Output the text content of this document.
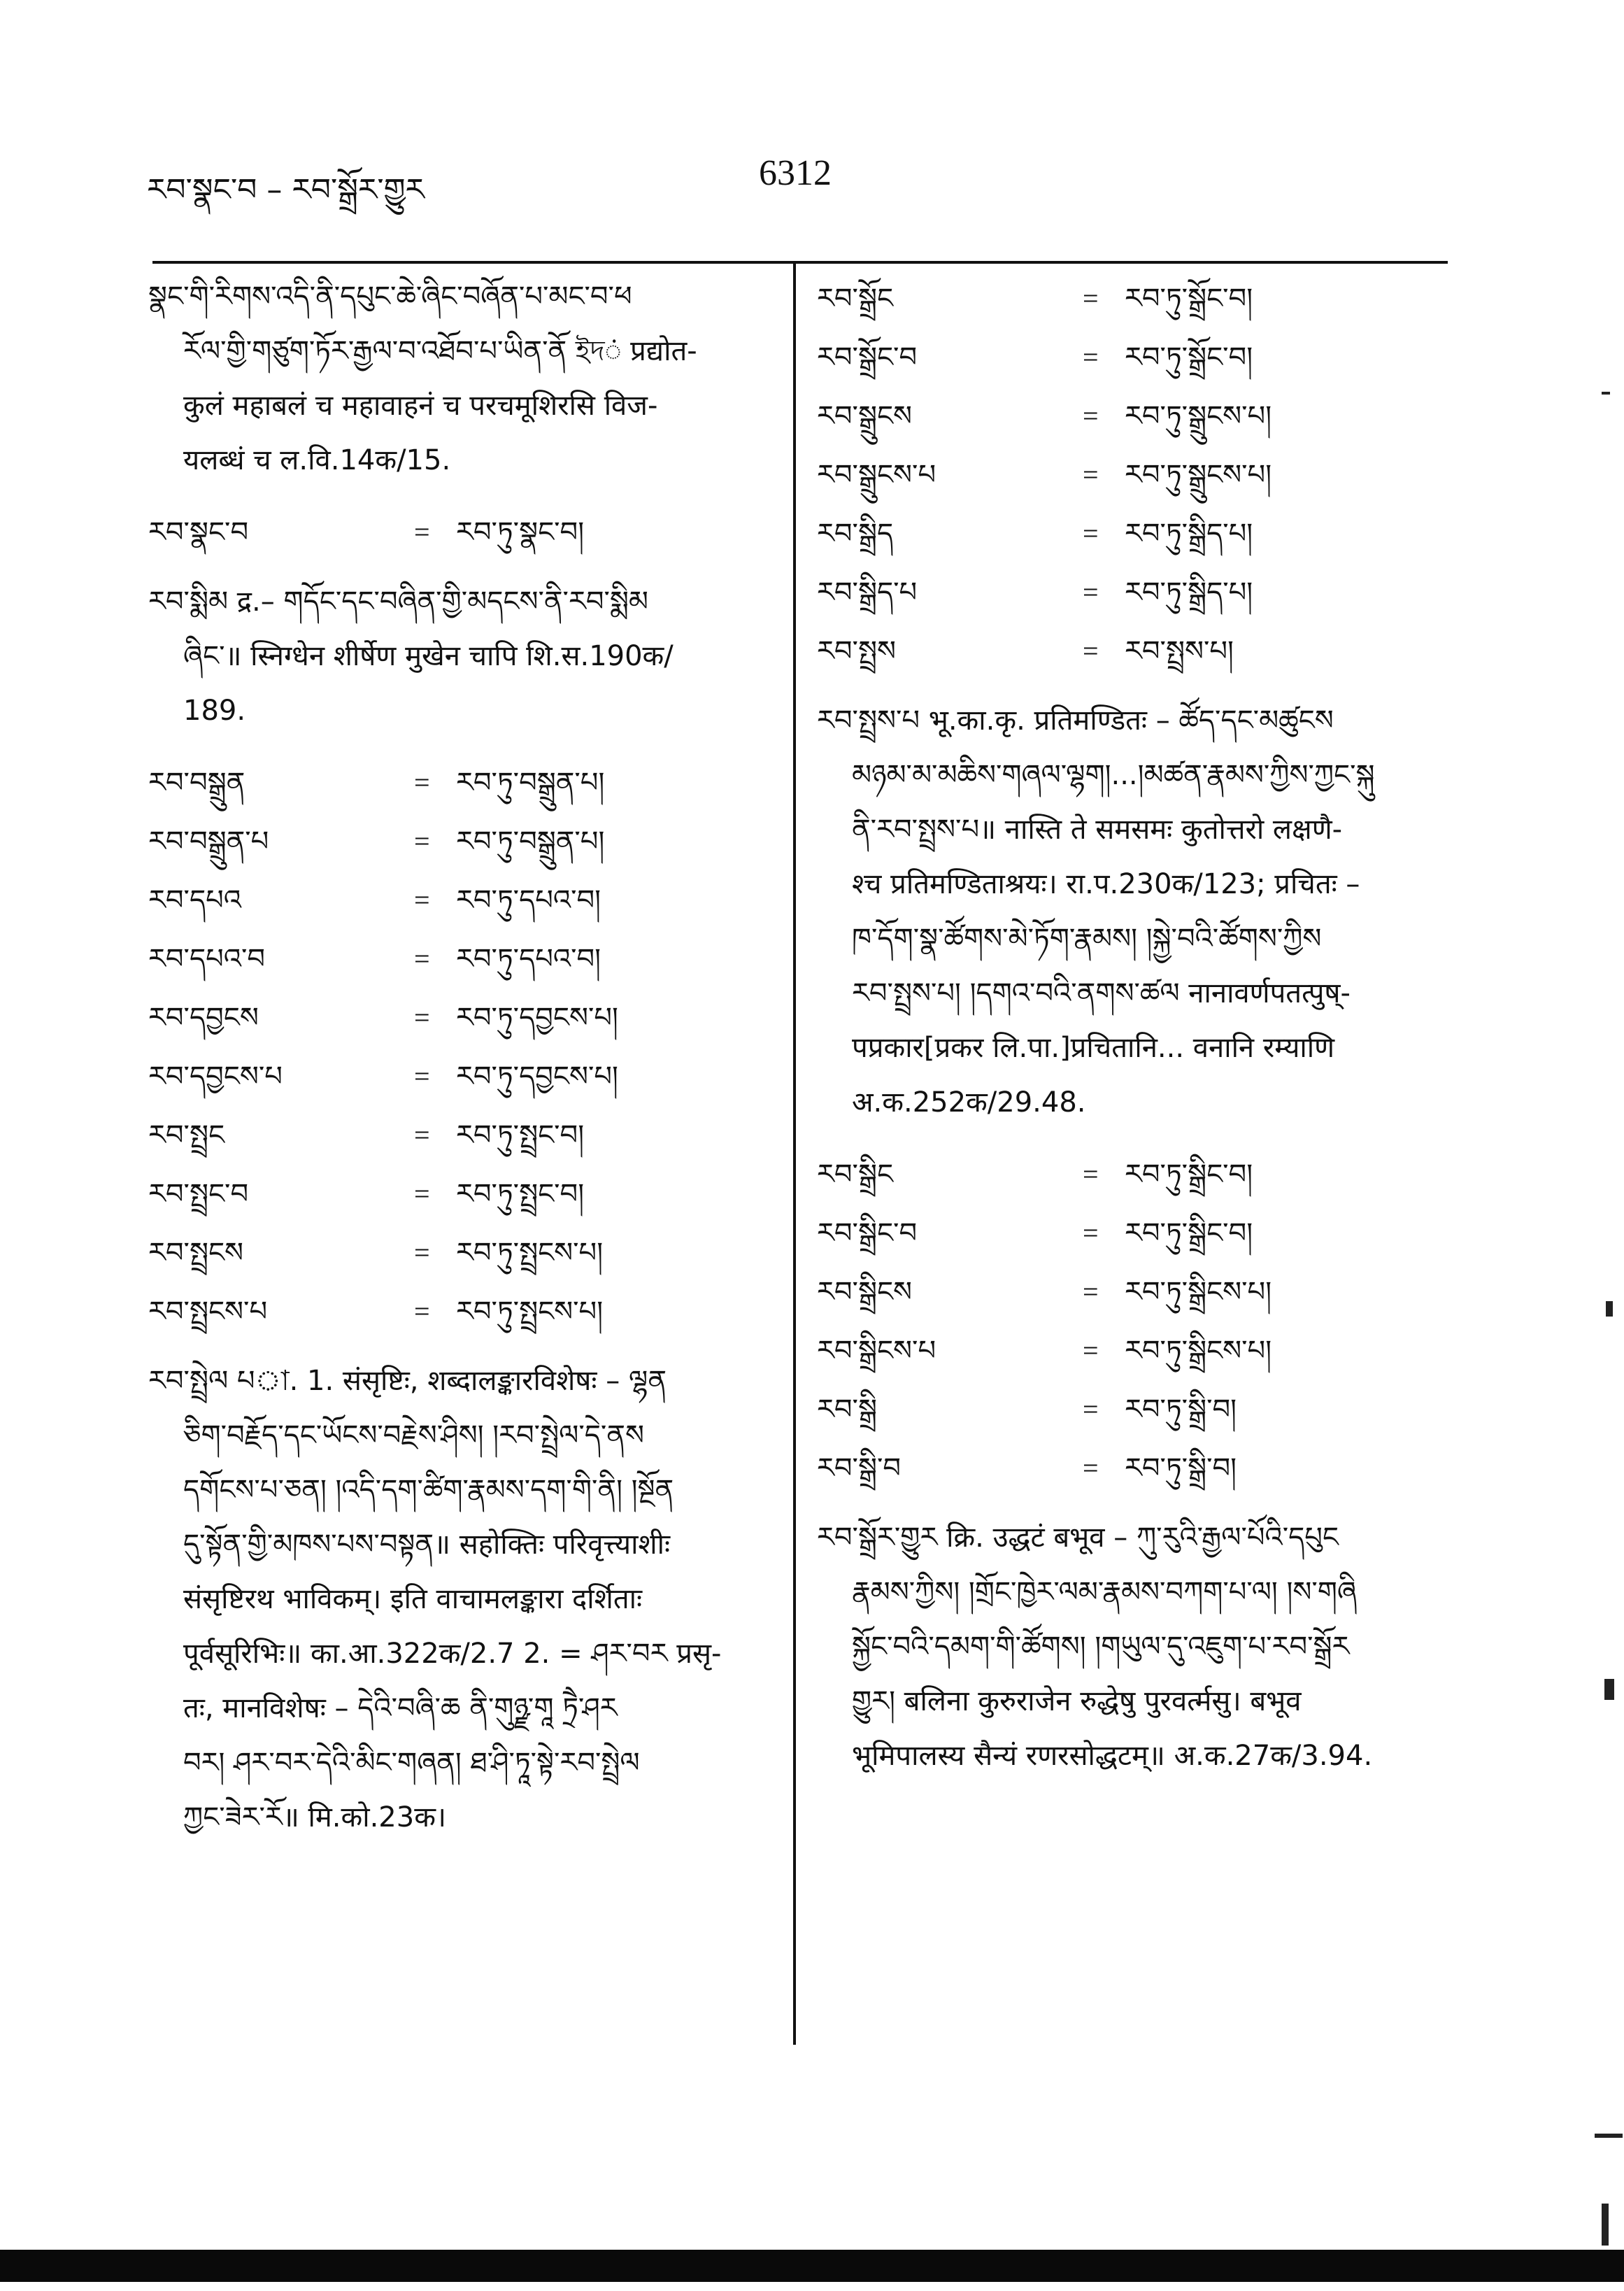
རབ་སྣང་བ – རབ་སྒྲོར་གྱུར	6312
སྣང་གི་རིགས་འདི་ནི་དཔུང་ཆེ་ཞིང་བཞོན་པ་མང་བ་ཕ
རོལ་གྱི་གཙུག་ཏོར་རྒྱལ་བ་འཐོབ་པ་ཡིན་ནོ ইদं प्रद्योत-
कुलं महाबलं च महावाहनं च परचमूशिरसि विज-
यलब्धं च ल.वि.14क/15.
རབ་སྣང་བ	= རབ་ཏུ་སྣང་བ།
རབ་སྨིམ द्र.– གདོང་དང་བཞིན་གྱི་མདངས་ནི་རབ་སྨིམ
ཞིང་॥ स्निग्धेन शीर्षेण मुखेन चापि शि.स.190क/
189.
རབ་བསྒྲུན	= རབ་ཏུ་བསྒྲུན་པ།
རབ་བསྒྲུན་པ	= རབ་ཏུ་བསྒྲུན་པ།
རབ་དཔའ	= རབ་ཏུ་དཔའ་བ།
རབ་དཔའ་བ	= རབ་ཏུ་དཔའ་བ།
རབ་དབྱངས	= རབ་ཏུ་དབྱངས་པ།
རབ་དབྱངས་པ	= རབ་ཏུ་དབྱངས་པ།
རབ་སྤྲང	= རབ་ཏུ་སྤྲང་བ།
རབ་སྤྲང་བ	= རབ་ཏུ་སྤྲང་བ།
རབ་སྤྲངས	= རབ་ཏུ་སྤྲངས་པ།
རབ་སྤྲངས་པ	= རབ་ཏུ་སྤྲངས་པ།
རབ་སྤྲེལ པা. 1. संसृष्टिः, शब्दालङ्कारविशेषः – ལྷན
ཅིག་བརྗོད་དང་ཡོངས་བརྗེས་ཤིས། །རབ་སྤྲེལ་དེ་ནས
དགོངས་པ་ཅན། །འདི་དག་ཚིག་རྣམས་དག་གི་ནི། །སྔོན
དུ་སྟོན་གྱི་མཁས་པས་བསྟན॥ सहोक्तिः परिवृत्त्याशीः
संसृष्टिरथ भाविकम्। इति वाचामलङ्कारा दर्शिताः
पूर्वसूरिभिः॥ का.आ.322क/2.7 2. = ཤར་བར प्रसृ-
तः, मानविशेषः – དེའི་བཞི་ཆ ནི་གུཉྫ་གཱ ཏྲཻ་ཤར
བར། ཤར་བར་དེའི་མིང་གཞན། ཐ་ཤི་ཏཱ་སྟེ་རབ་སྤྲེལ
ཀྱང་ཟེར་རོ॥ मि.को.23क।
རབ་སྒྲོང	= རབ་ཏུ་སྒྲོང་བ།
རབ་སྒྲོང་བ	= རབ་ཏུ་སྒྲོང་བ།
རབ་སྒྲུངས	= རབ་ཏུ་སྒྲུངས་པ།
རབ་སྒྲུངས་པ	= རབ་ཏུ་སྒྲུངས་པ།
རབ་སྒྲིད	= རབ་ཏུ་སྒྲིད་པ།
རབ་སྒྲིད་པ	= རབ་ཏུ་སྒྲིད་པ།
རབ་སྤྲས	= རབ་སྤྲས་པ།
རབ་སྤྲས་པ भू.का.कृ. प्रतिमण्डितः – ཚོད་དང་མཚུངས
མཉམ་མ་མཆིས་གཞལ་ལྷག།...།མཚན་རྣམས་ཀྱིས་ཀྱང་སྐུ
ནི་རབ་སྤྲས་པ॥ नास्ति ते समसमः कुतोत्तरो लक्षणै-
श्च प्रतिमण्डिताश्रयः। रा.प.230क/123; प्रचितः –
ཁ་དོག་སྣ་ཚོགས་མེ་ཏོག་རྣམས། །སྐྱེ་བའི་ཚོགས་ཀྱིས
རབ་སྤྲས་པ། །དགའ་བའི་ནགས་ཚལ नानावर्णपतत्पुष्-
पप्रकार[प्रकर लि.पा.]प्रचितानि... वनानि रम्याणि
अ.क.252क/29.48.
རབ་སྒྲིང	= རབ་ཏུ་སྒྲིང་བ།
རབ་སྒྲིང་བ	= རབ་ཏུ་སྒྲིང་བ།
རབ་སྒྲིངས	= རབ་ཏུ་སྒྲིངས་པ།
རབ་སྒྲིངས་པ	= རབ་ཏུ་སྒྲིངས་པ།
རབ་སྒྲི	= རབ་ཏུ་སྒྲི་བ།
རབ་སྒྲི་བ	= རབ་ཏུ་སྒྲི་བ།
རབ་སྒྲོར་གྱུར क्रि. उद्धटं बभूव – ཀུ་རུའི་རྒྱལ་པོའི་དཔུང
རྣམས་ཀྱིས། །གྲོང་ཁྱེར་ལམ་རྣམས་བཀག་པ་ལ། །ས་གཞི
སྐྱོང་བའི་དམག་གི་ཚོགས། །གཡུལ་དུ་འཇུག་པ་རབ་སྒྲོར
གྱུར། बलिना कुरुराजेन रुद्धेषु पुरवर्त्मसु। बभूव
भूमिपालस्य सैन्यं रणरसोद्धटम्॥ अ.क.27क/3.94.
